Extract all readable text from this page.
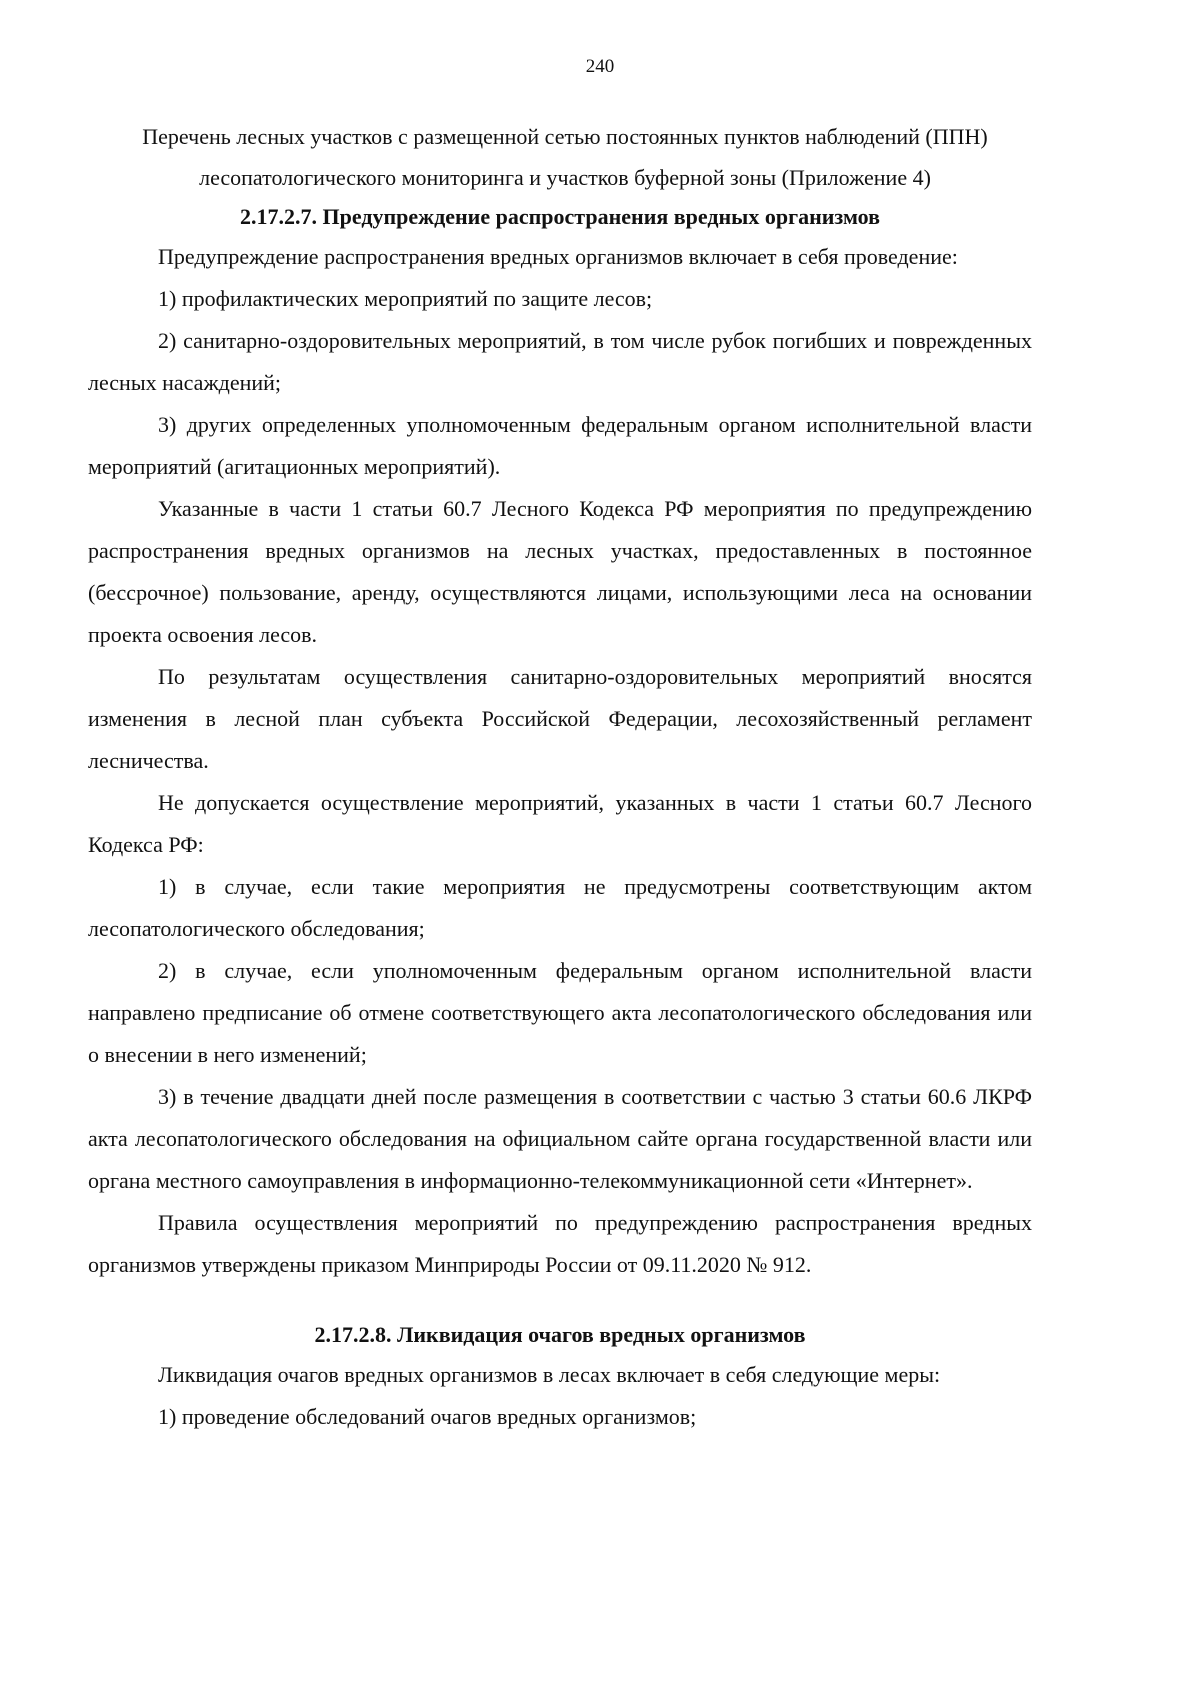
240

Перечень лесных участков с размещенной сетью постоянных пунктов наблюдений (ППН) лесопатологического мониторинга и участков буферной зоны (Приложение 4)

2.17.2.7. Предупреждение распространения вредных организмов

Предупреждение распространения вредных организмов включает в себя проведение:

1) профилактических мероприятий по защите лесов;

2) санитарно-оздоровительных мероприятий, в том числе рубок погибших и поврежденных лесных насаждений;

3) других определенных уполномоченным федеральным органом исполнительной власти мероприятий (агитационных мероприятий).

Указанные в части 1 статьи 60.7 Лесного Кодекса РФ мероприятия по предупреждению распространения вредных организмов на лесных участках, предоставленных в постоянное (бессрочное) пользование, аренду, осуществляются лицами, использующими леса на основании проекта освоения лесов.

По результатам осуществления санитарно-оздоровительных мероприятий вносятся изменения в лесной план субъекта Российской Федерации, лесохозяйственный регламент лесничества.

Не допускается осуществление мероприятий, указанных в части 1 статьи 60.7 Лесного Кодекса РФ:

1) в случае, если такие мероприятия не предусмотрены соответствующим актом лесопатологического обследования;

2) в случае, если уполномоченным федеральным органом исполнительной власти направлено предписание об отмене соответствующего акта лесопатологического обследования или о внесении в него изменений;

3) в течение двадцати дней после размещения в соответствии с частью 3 статьи 60.6 ЛКРФ акта лесопатологического обследования на официальном сайте органа государственной власти или органа местного самоуправления в информационно-телекоммуникационной сети «Интернет».

Правила осуществления мероприятий по предупреждению распространения вредных организмов утверждены приказом Минприроды России от 09.11.2020 № 912.

2.17.2.8. Ликвидация очагов вредных организмов

Ликвидация очагов вредных организмов в лесах включает в себя следующие меры:

1) проведение обследований очагов вредных организмов;
